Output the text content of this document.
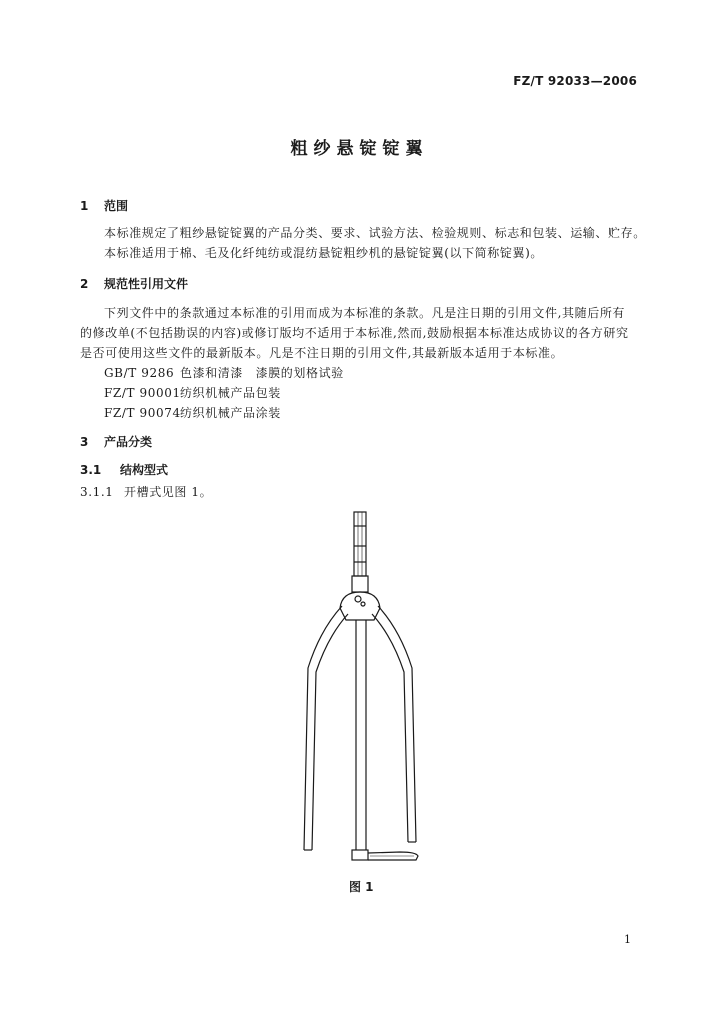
FZ/T 92033—2006
粗纱悬锭锭翼
1 范围
本标准规定了粗纱悬锭锭翼的产品分类、要求、试验方法、检验规则、标志和包装、运输、贮存。
本标准适用于棉、毛及化纤纯纺或混纺悬锭粗纱机的悬锭锭翼(以下简称锭翼)。
2 规范性引用文件
下列文件中的条款通过本标准的引用而成为本标准的条款。凡是注日期的引用文件,其随后所有
的修改单(不包括勘误的内容)或修订版均不适用于本标准,然而,鼓励根据本标准达成协议的各方研究
是否可使用这些文件的最新版本。凡是不注日期的引用文件,其最新版本适用于本标准。
GB/T 9286 色漆和清漆　漆膜的划格试验
FZ/T 90001纺织机械产品包装
FZ/T 90074纺织机械产品涂装
3 产品分类
3.1 结构型式
3.1.1 开槽式见图 1。
图 1
1
